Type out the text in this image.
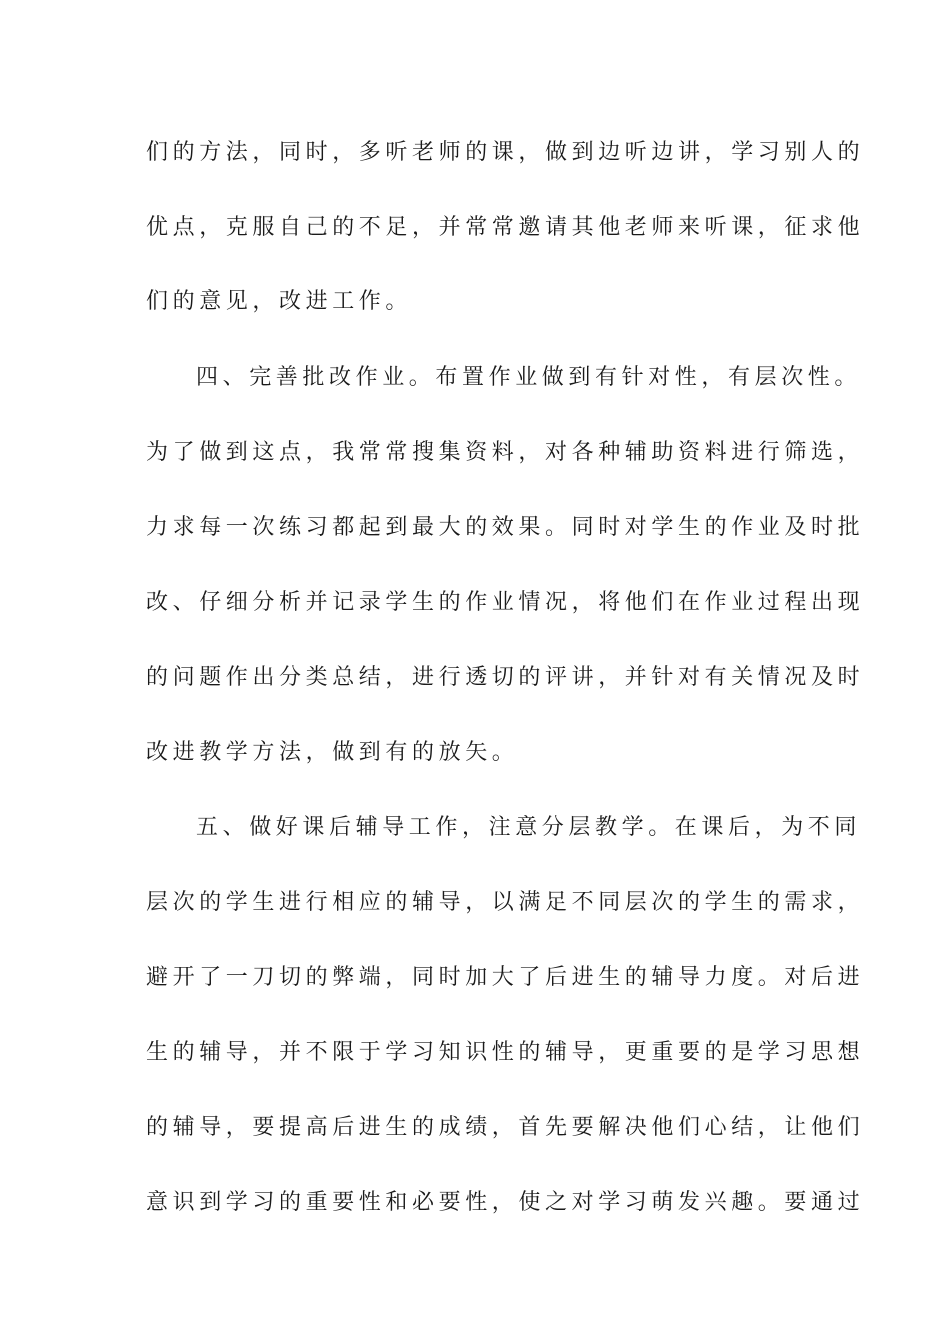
们的方法，同时，多听老师的课，做到边听边讲，学习别人的
优点，克服自己的不足，并常常邀请其他老师来听课，征求他
们的意见，改进工作。
四、完善批改作业。布置作业做到有针对性，有层次性。
为了做到这点，我常常搜集资料，对各种辅助资料进行筛选，
力求每一次练习都起到最大的效果。同时对学生的作业及时批
改、仔细分析并记录学生的作业情况，将他们在作业过程出现
的问题作出分类总结，进行透切的评讲，并针对有关情况及时
改进教学方法，做到有的放矢。
五、做好课后辅导工作，注意分层教学。在课后，为不同
层次的学生进行相应的辅导，以满足不同层次的学生的需求，
避开了一刀切的弊端，同时加大了后进生的辅导力度。对后进
生的辅导，并不限于学习知识性的辅导，更重要的是学习思想
的辅导，要提高后进生的成绩，首先要解决他们心结，让他们
意识到学习的重要性和必要性，使之对学习萌发兴趣。要通过
